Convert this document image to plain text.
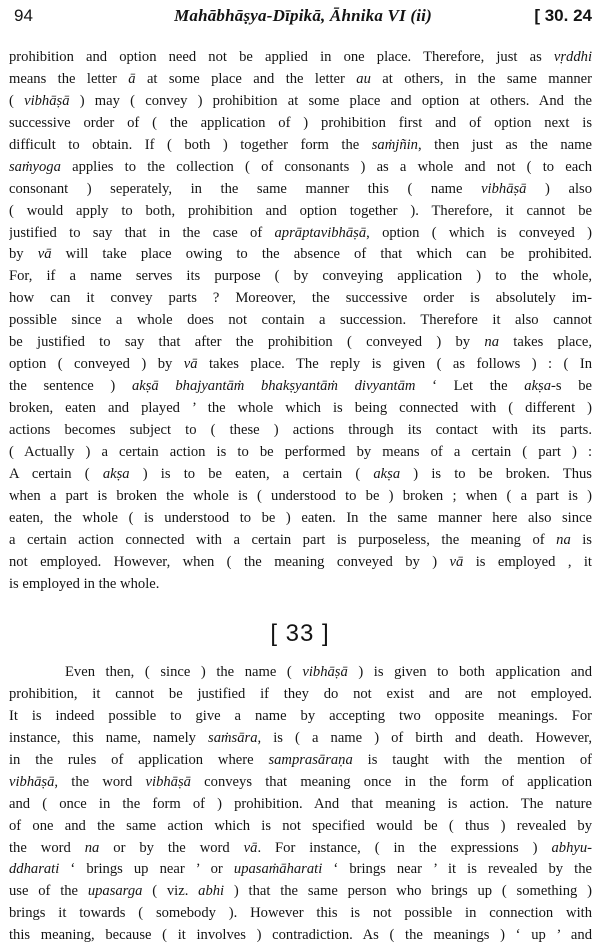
94	Mahābhāṣya-Dīpikā, Āhnika VI (ii)	[ 30. 24
prohibition and option need not be applied in one place. Therefore, just as vṛddhi
means the letter ā at some place and the letter au at others, in the same manner
( vibhāṣā ) may ( convey ) prohibition at some place and option at others. And the
successive order of ( the application of ) prohibition first and of option next is
difficult to obtain. If ( both ) together form the saṁjñin, then just as the name
saṁyoga applies to the collection ( of consonants ) as a whole and not ( to each
consonant ) seperately, in the same manner this ( name vibhāṣā ) also
( would apply to both, prohibition and option together ). Therefore, it cannot be
justified to say that in the case of aprāptavibhāṣā, option ( which is conveyed )
by vā will take place owing to the absence of that which can be prohibited.
For, if a name serves its purpose ( by conveying application ) to the whole,
how can it convey parts ? Moreover, the successive order is absolutely im-
possible since a whole does not contain a succession. Therefore it also cannot
be justified to say that after the prohibition ( conveyed ) by na takes place,
option ( conveyed ) by vā takes place. The reply is given ( as follows ) : ( In
the sentence ) akṣā bhajyantāṁ bhakṣyantāṁ divyantām ‘ Let the akṣa-s be
broken, eaten and played ’ the whole which is being connected with ( different )
actions becomes subject to ( these ) actions through its contact with its parts.
( Actually ) a certain action is to be performed by means of a certain ( part ) :
A certain ( akṣa ) is to be eaten, a certain ( akṣa ) is to be broken. Thus
when a part is broken the whole is ( understood to be ) broken ; when ( a part is )
eaten, the whole ( is understood to be ) eaten. In the same manner here also since
a certain action connected with a certain part is purposeless, the meaning of na is
not employed. However, when ( the meaning conveyed by ) vā is employed , it
is employed in the whole.
[ 33 ]
Even then, ( since ) the name ( vibhāṣā ) is given to both application and
prohibition, it cannot be justified if they do not exist and are not employed.
It is indeed possible to give a name by accepting two opposite meanings. For
instance, this name, namely saṁsāra, is ( a name ) of birth and death. However,
in the rules of application where samprasāraṇa is taught with the mention of
vibhāṣā, the word vibhāṣā conveys that meaning once in the form of application
and ( once in the form of ) prohibition. And that meaning is action. The nature
of one and the same action which is not specified would be ( thus ) revealed by
the word na or by the word vā. For instance, ( in the expressions ) abhyu-
ddharati ‘ brings up near ’ or upasaṁāharati ‘ brings near ’ it is revealed by the
use of the upasarga ( viz. abhi ) that the same person who brings up ( something )
brings it towards ( somebody ). However this is not possible in connection with
this meaning, because ( it involves ) contradiction. As ( the meanings ) ‘ up ’ and
